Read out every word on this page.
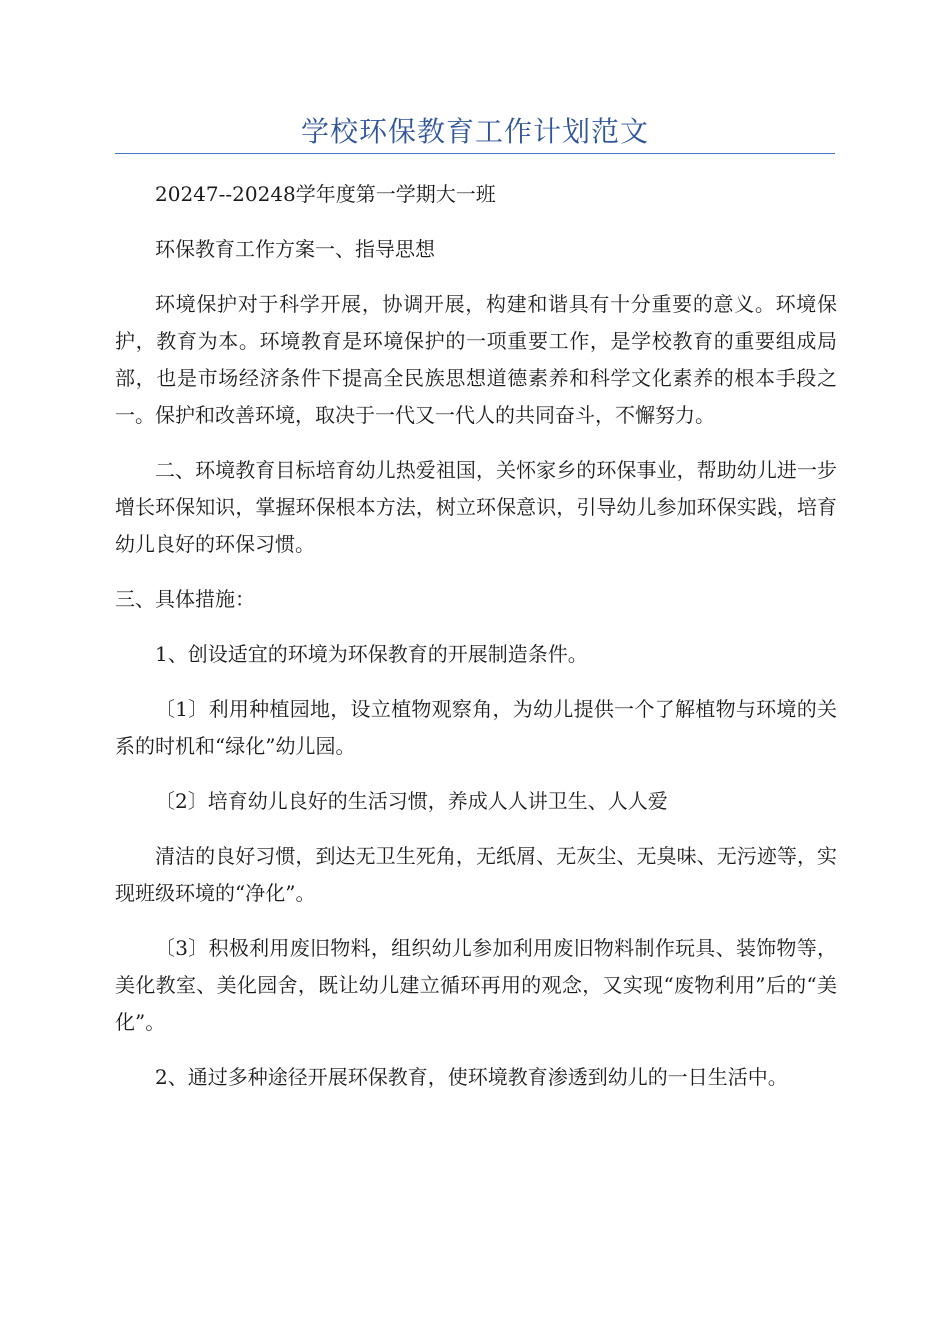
学校环保教育工作计划范文

20247--20248学年度第一学期大一班

环保教育工作方案一、指导思想

环境保护对于科学开展，协调开展，构建和谐具有十分重要的意义。环境保护，教育为本。环境教育是环境保护的一项重要工作，是学校教育的重要组成局部，也是市场经济条件下提高全民族思想道德素养和科学文化素养的根本手段之一。保护和改善环境，取决于一代又一代人的共同奋斗，不懈努力。

二、环境教育目标培育幼儿热爱祖国，关怀家乡的环保事业，帮助幼儿进一步增长环保知识，掌握环保根本方法，树立环保意识，引导幼儿参加环保实践，培育幼儿良好的环保习惯。

三、具体措施：

1、创设适宜的环境为环保教育的开展制造条件。

〔1〕利用种植园地，设立植物观察角，为幼儿提供一个了解植物与环境的关系的时机和“绿化”幼儿园。

〔2〕培育幼儿良好的生活习惯，养成人人讲卫生、人人爱

清洁的良好习惯，到达无卫生死角，无纸屑、无灰尘、无臭味、无污迹等，实现班级环境的“净化”。

〔3〕积极利用废旧物料，组织幼儿参加利用废旧物料制作玩具、装饰物等，美化教室、美化园舍，既让幼儿建立循环再用的观念，又实现“废物利用”后的“美化”。

2、通过多种途径开展环保教育，使环境教育渗透到幼儿的一日生活中。
